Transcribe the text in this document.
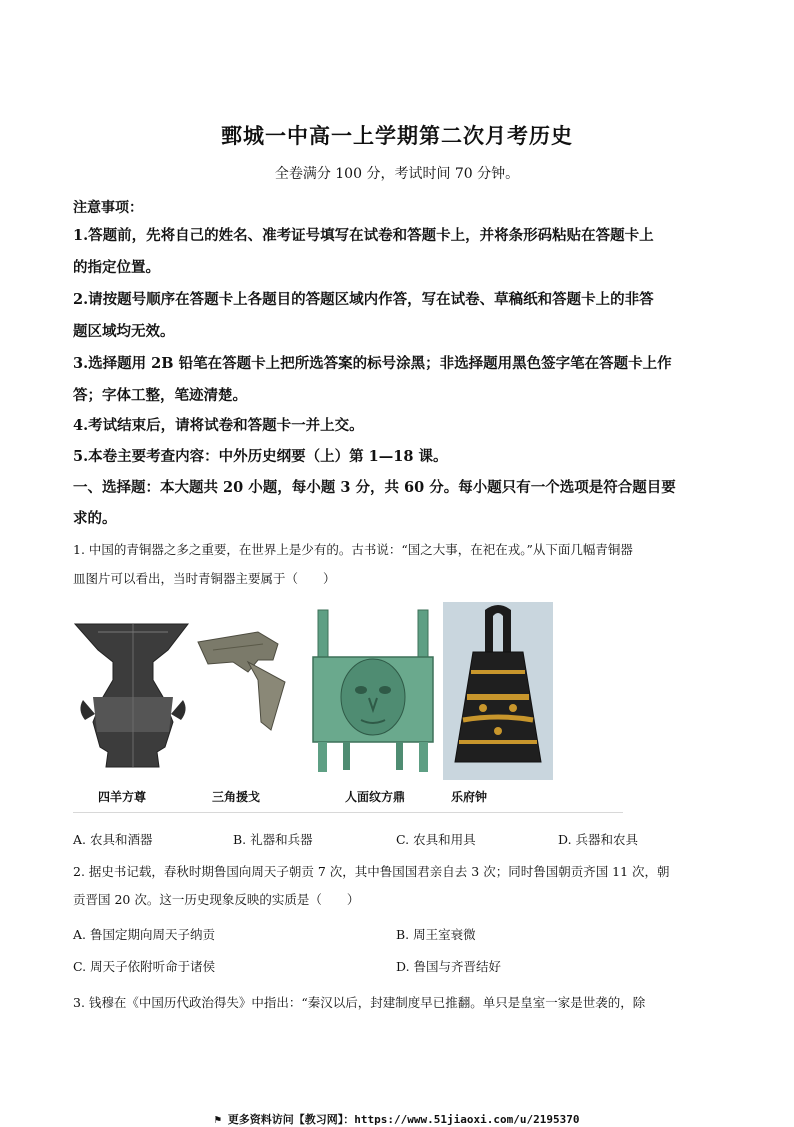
鄄城一中高一上学期第二次月考历史
全卷满分 100 分，考试时间 70 分钟。
注意事项：
1.答题前，先将自己的姓名、准考证号填写在试卷和答题卡上，并将条形码粘贴在答题卡上
的指定位置。
2.请按题号顺序在答题卡上各题目的答题区域内作答，写在试卷、草稿纸和答题卡上的非答
题区域均无效。
3.选择题用 2B 铅笔在答题卡上把所选答案的标号涂黑；非选择题用黑色签字笔在答题卡上作
答；字体工整，笔迹清楚。
4.考试结束后，请将试卷和答题卡一并上交。
5.本卷主要考查内容：中外历史纲要（上）第 1—18 课。
一、选择题：本大题共 20 小题，每小题 3 分，共 60 分。每小题只有一个选项是符合题目要
求的。
1. 中国的青铜器之多之重要，在世界上是少有的。古书说：“国之大事，在祀在戎。”从下面几幅青铜器
皿图片可以看出，当时青铜器主要属于（　　）
四羊方尊	三角援戈	人面纹方鼎	乐府钟
A. 农具和酒器	B. 礼器和兵器	C. 农具和用具	D. 兵器和农具
2. 据史书记载，春秋时期鲁国向周天子朝贡 7 次，其中鲁国国君亲自去 3 次；同时鲁国朝贡齐国 11 次，朝
贡晋国 20 次。这一历史现象反映的实质是（　　）
A. 鲁国定期向周天子纳贡	B. 周王室衰微
C. 周天子依附听命于诸侯	D. 鲁国与齐晋结好
3. 钱穆在《中国历代政治得失》中指出：“秦汉以后，封建制度早已推翻。单只是皇室一家是世袭的，除
⚑ 更多资料访问【教习网】：https://www.51jiaoxi.com/u/2195370
